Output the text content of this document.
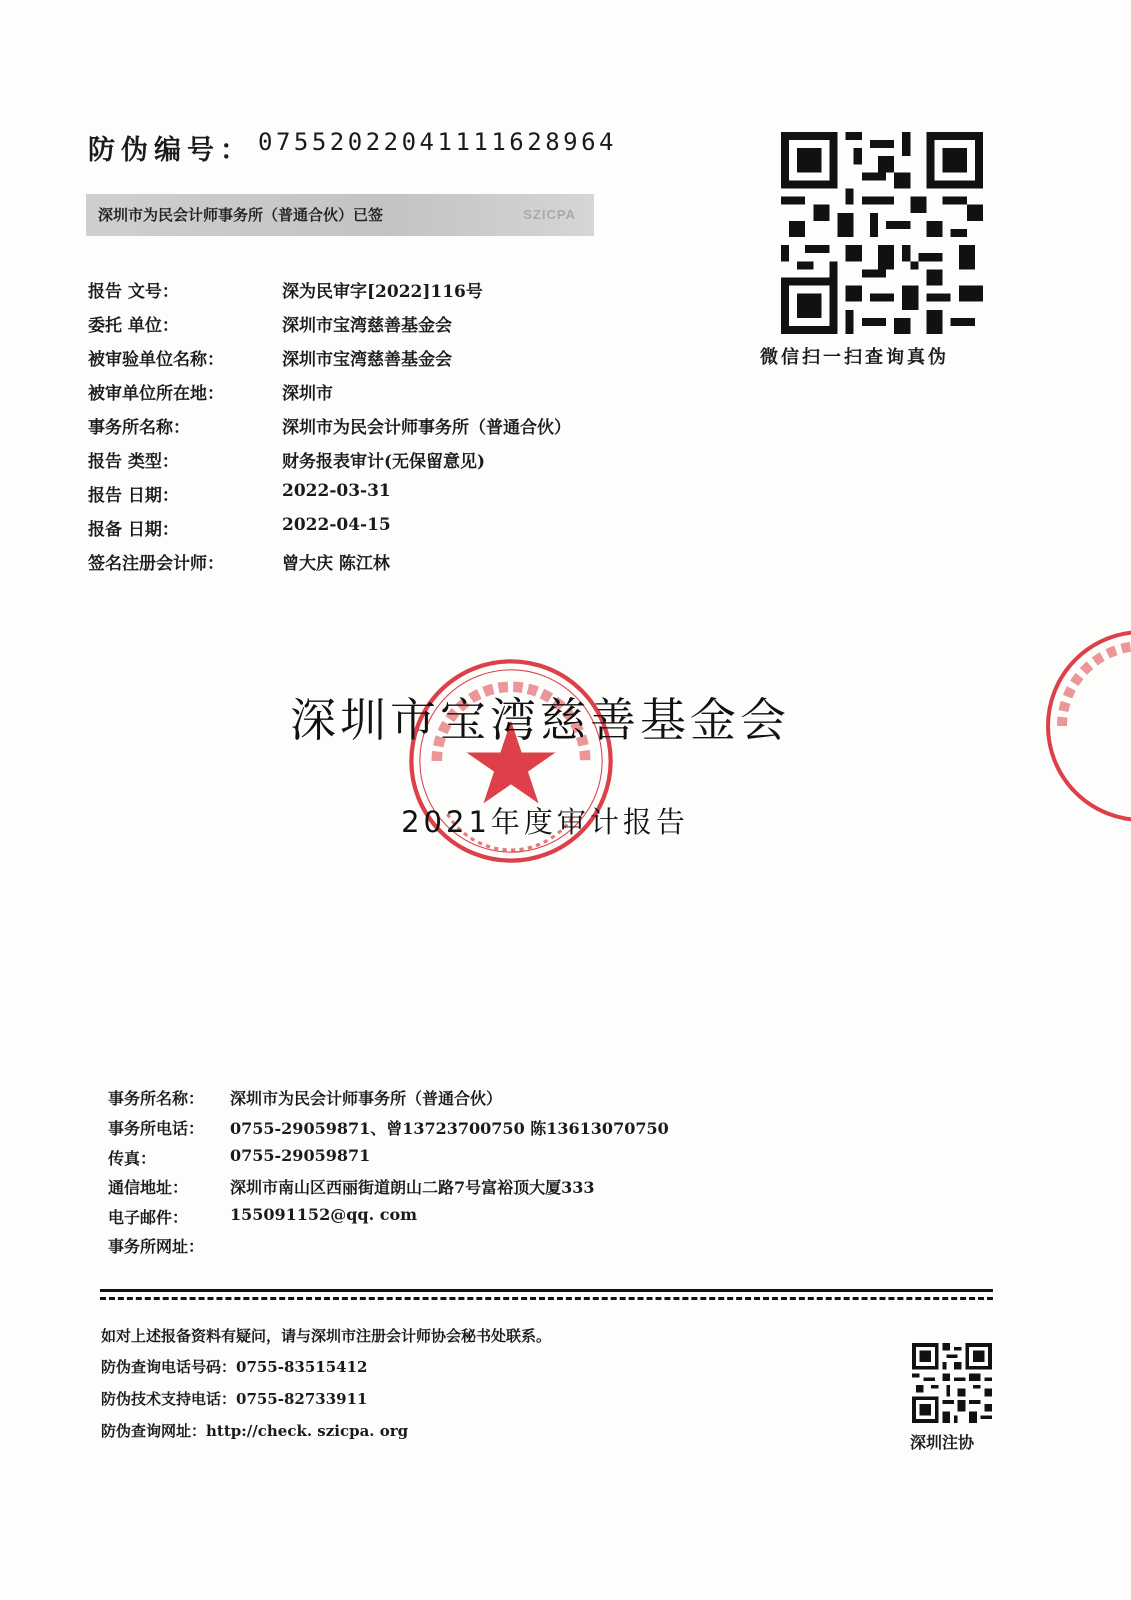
防伪编号： 07552022041111628964
深圳市为民会计师事务所（普通合伙）已签	SZICPA
报告 文号：	深为民审字[2022]116号
委托 单位：	深圳市宝湾慈善基金会
被审验单位名称：	深圳市宝湾慈善基金会
被审单位所在地：	深圳市
事务所名称：	深圳市为民会计师事务所（普通合伙）
报告 类型：	财务报表审计(无保留意见)
报告 日期：	2022-03-31
报备 日期：	2022-04-15
签名注册会计师：	曾大庆 陈江林
微信扫一扫查询真伪
深圳市宝湾慈善基金会
2021年度审计报告
事务所名称：	深圳市为民会计师事务所（普通合伙）
事务所电话：	0755-29059871、曾13723700750 陈13613070750
传真：	0755-29059871
通信地址：	深圳市南山区西丽街道朗山二路7号富裕顶大厦333
电子邮件：	155091152@qq. com
事务所网址：
如对上述报备资料有疑问，请与深圳市注册会计师协会秘书处联系。
防伪查询电话号码：0755-83515412
防伪技术支持电话：0755-82733911
防伪查询网址：http://check. szicpa. org
深圳注协
